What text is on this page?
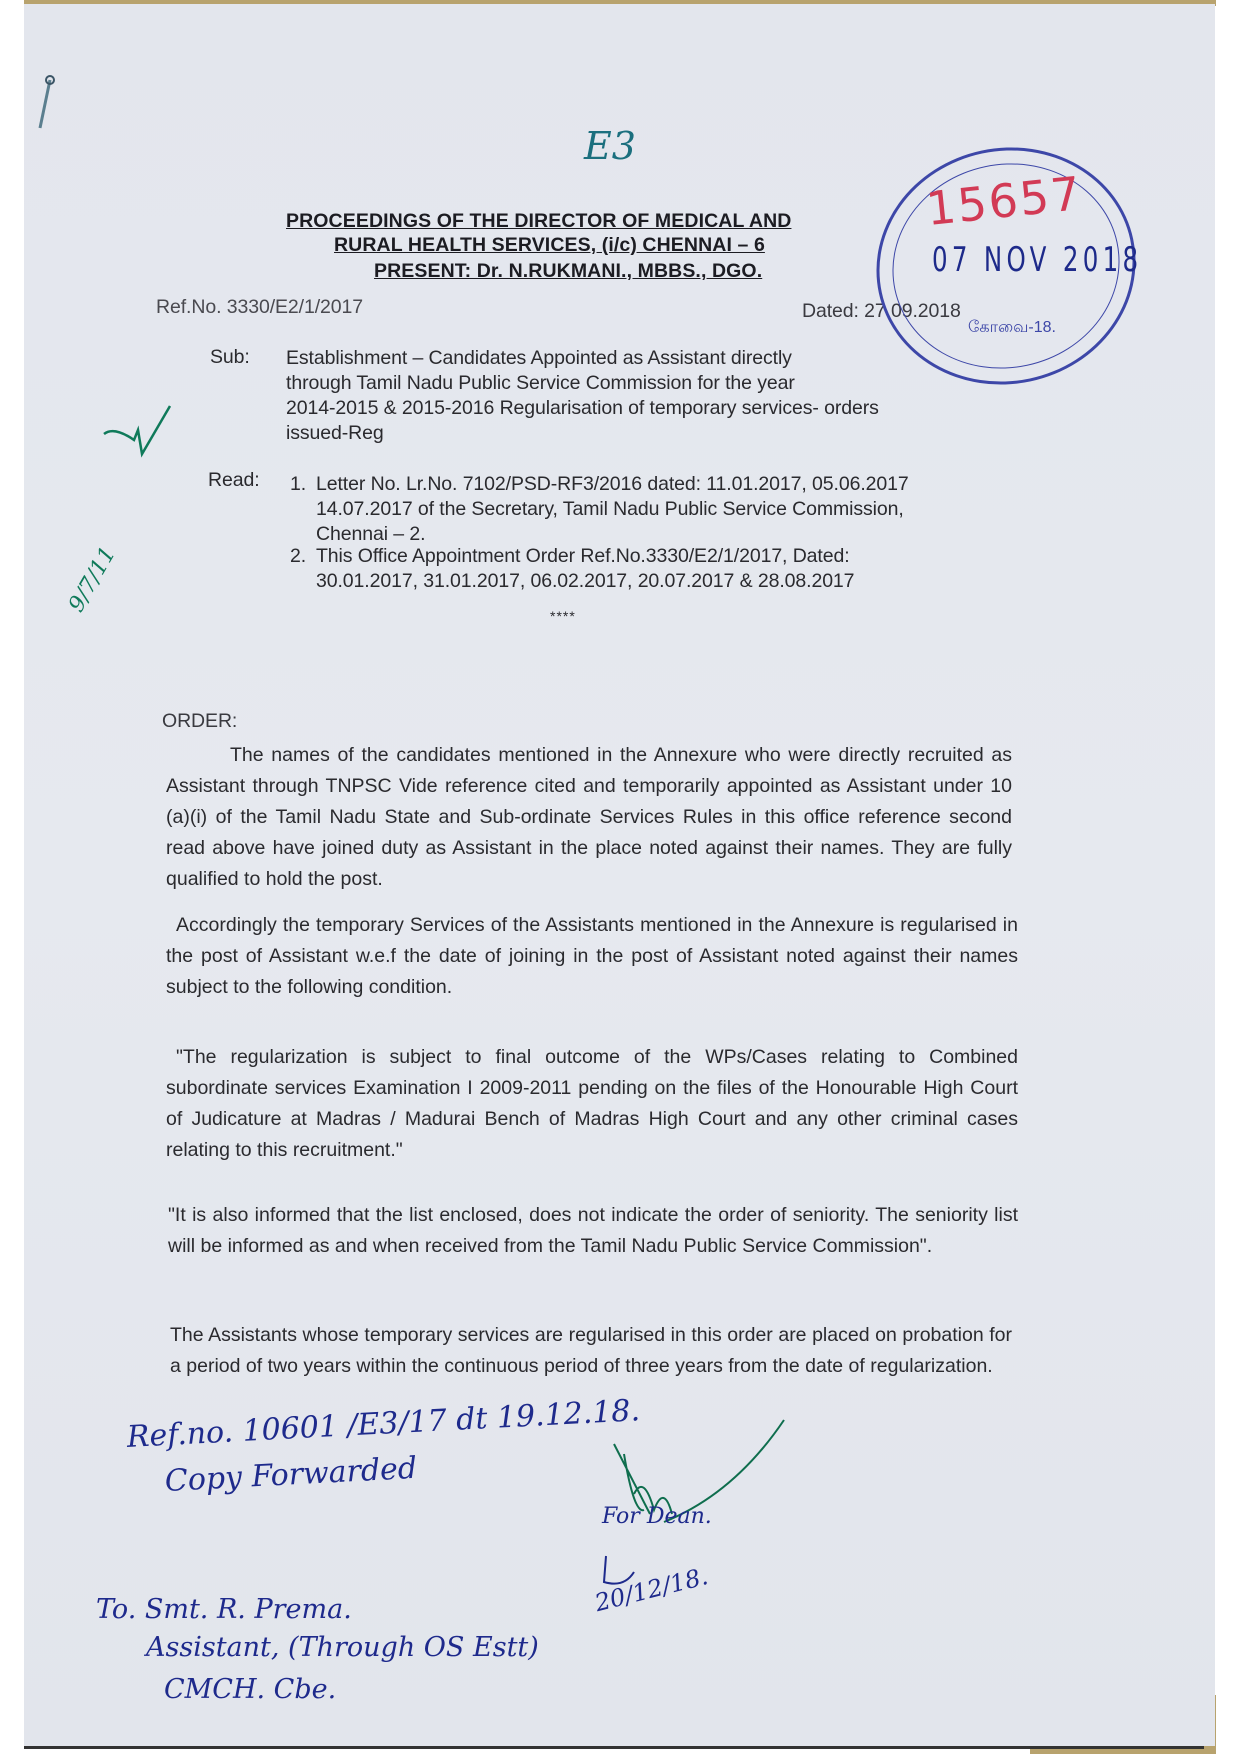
E3
PROCEEDINGS OF THE DIRECTOR OF MEDICAL AND
RURAL HEALTH SERVICES, (i/c) CHENNAI – 6
PRESENT: Dr. N.RUKMANI., MBBS., DGO.
Ref.No. 3330/E2/1/2017	Dated: 27.09.2018
Sub: Establishment – Candidates Appointed as Assistant directly
through Tamil Nadu Public Service Commission for the year
2014-2015 & 2015-2016 Regularisation of temporary services- orders
issued-Reg
Read: 1. Letter No. Lr.No. 7102/PSD-RF3/2016 dated: 11.01.2017, 05.06.2017
14.07.2017 of the Secretary, Tamil Nadu Public Service Commission,
Chennai – 2.
2. This Office Appointment Order Ref.No.3330/E2/1/2017, Dated:
30.01.2017, 31.01.2017, 06.02.2017, 20.07.2017 & 28.08.2017
9/7/11	****
ORDER:
The names of the candidates mentioned in the Annexure who were directly recruited as Assistant through TNPSC Vide reference cited and temporarily appointed as Assistant under 10 (a)(i) of the Tamil Nadu State and Sub-ordinate Services Rules in this office reference second read above have joined duty as Assistant in the place noted against their names. They are fully qualified to hold the post.
Accordingly the temporary Services of the Assistants mentioned in the Annexure is regularised in the post of Assistant w.e.f the date of joining in the post of Assistant noted against their names subject to the following condition.
"The regularization is subject to final outcome of the WPs/Cases relating to Combined subordinate services Examination I 2009-2011 pending on the files of the Honourable High Court of Judicature at Madras / Madurai Bench of Madras High Court and any other criminal cases relating to this recruitment."
"It is also informed that the list enclosed, does not indicate the order of seniority. The seniority list will be informed as and when received from the Tamil Nadu Public Service Commission".
The Assistants whose temporary services are regularised in this order are placed on probation for a period of two years within the continuous period of three years from the date of regularization.
Ref.no. 10601 /E3/17 dt 19.12.18.
Copy Forwarded
For Dean.
20/12/18.
To. Smt. R. Prema.
Assistant, (Through OS Estt)
CMCH. Cbe.
15657
07 NOV 2018
கோவை-18.
